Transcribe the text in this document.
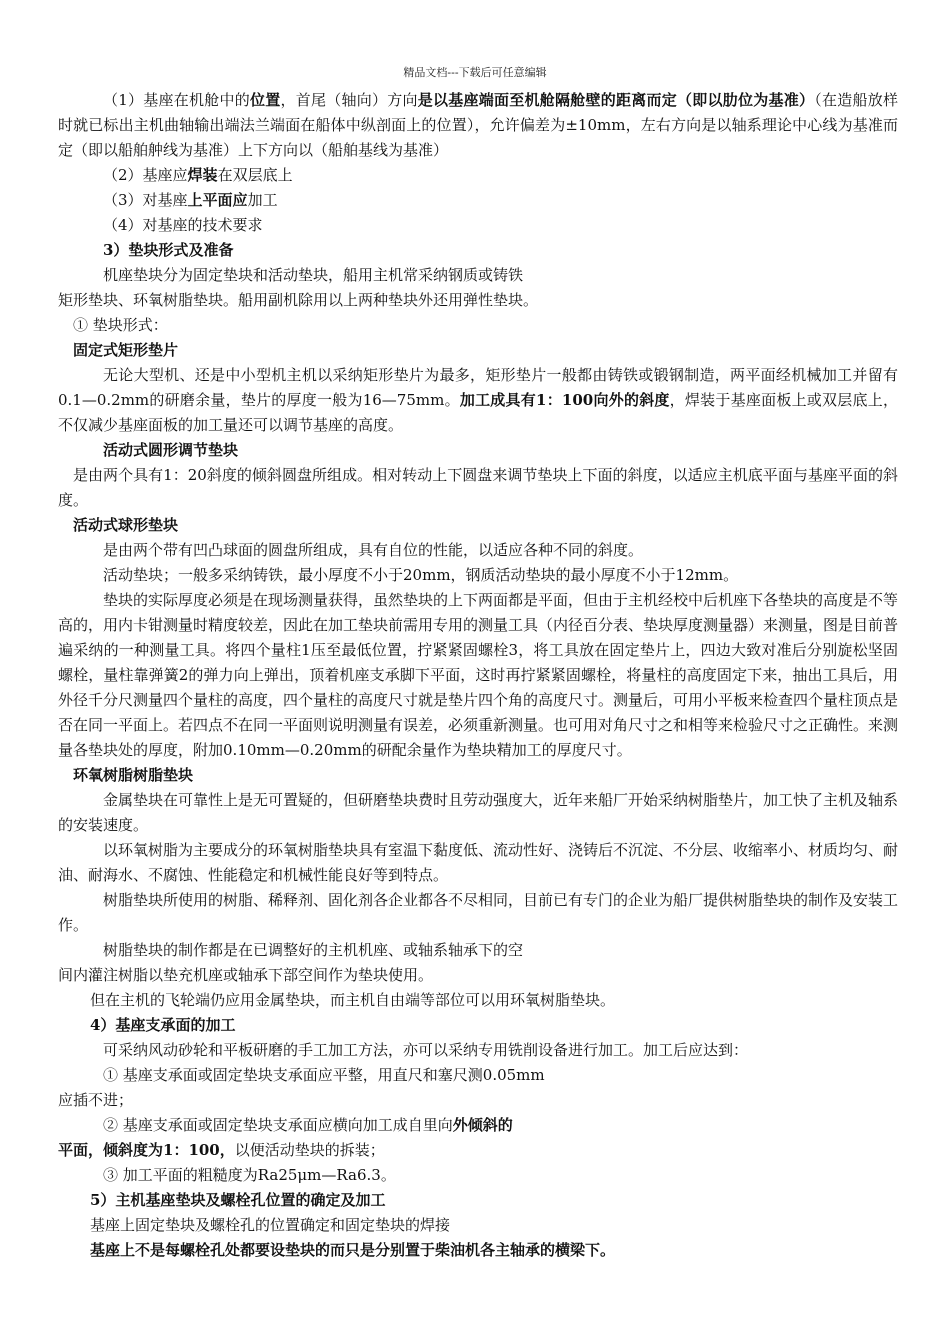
精品文档---下载后可任意编辑

（1）基座在机舱中的位置，首尾（轴向）方向是以基座端面至机舱隔舱壁的距离而定（即以肋位为基准）（在造船放样时就已标出主机曲轴输出端法兰端面在船体中纵剖面上的位置），允许偏差为±10mm，左右方向是以轴系理论中心线为基准而定（即以船舶舯线为基准）上下方向以（船舶基线为基准）

（2）基座应焊装在双层底上

（3）对基座上平面应加工

（4）对基座的技术要求

3）垫块形式及准备

机座垫块分为固定垫块和活动垫块，船用主机常采纳钢质或铸铁

矩形垫块、环氧树脂垫块。船用副机除用以上两种垫块外还用弹性垫块。

① 垫块形式：

固定式矩形垫片

无论大型机、还是中小型机主机以采纳矩形垫片为最多，矩形垫片一般都由铸铁或锻钢制造，两平面经机械加工并留有0.1—0.2mm的研磨余量，垫片的厚度一般为16—75mm。加工成具有1：100向外的斜度，焊装于基座面板上或双层底上，不仅减少基座面板的加工量还可以调节基座的高度。

活动式圆形调节垫块

是由两个具有1：20斜度的倾斜圆盘所组成。相对转动上下圆盘来调节垫块上下面的斜度，以适应主机底平面与基座平面的斜度。

活动式球形垫块

是由两个带有凹凸球面的圆盘所组成，具有自位的性能，以适应各种不同的斜度。

活动垫块；一般多采纳铸铁，最小厚度不小于20mm，钢质活动垫块的最小厚度不小于12mm。

垫块的实际厚度必须是在现场测量获得，虽然垫块的上下两面都是平面，但由于主机经校中后机座下各垫块的高度是不等高的，用内卡钳测量时精度较差，因此在加工垫块前需用专用的测量工具（内径百分表、垫块厚度测量器）来测量，图是目前普遍采纳的一种测量工具。将四个量柱1压至最低位置，拧紧紧固螺栓3，将工具放在固定垫片上，四边大致对准后分别旋松坚固螺栓，量柱靠弹簧2的弹力向上弹出，顶着机座支承脚下平面，这时再拧紧紧固螺栓，将量柱的高度固定下来，抽出工具后，用外径千分尺测量四个量柱的高度，四个量柱的高度尺寸就是垫片四个角的高度尺寸。测量后，可用小平板来检查四个量柱顶点是否在同一平面上。若四点不在同一平面则说明测量有误差，必须重新测量。也可用对角尺寸之和相等来检验尺寸之正确性。来测量各垫块处的厚度，附加0.10mm—0.20mm的研配余量作为垫块精加工的厚度尺寸。

环氧树脂树脂垫块

金属垫块在可靠性上是无可置疑的，但研磨垫块费时且劳动强度大，近年来船厂开始采纳树脂垫片，加工快了主机及轴系的安装速度。

以环氧树脂为主要成分的环氧树脂垫块具有室温下黏度低、流动性好、浇铸后不沉淀、不分层、收缩率小、材质均匀、耐油、耐海水、不腐蚀、性能稳定和机械性能良好等到特点。

树脂垫块所使用的树脂、稀释剂、固化剂各企业都各不尽相同，目前已有专门的企业为船厂提供树脂垫块的制作及安装工作。

树脂垫块的制作都是在已调整好的主机机座、或轴系轴承下的空

间内灌注树脂以垫充机座或轴承下部空间作为垫块使用。

但在主机的飞轮端仍应用金属垫块，而主机自由端等部位可以用环氧树脂垫块。

4）基座支承面的加工

可采纳风动砂轮和平板研磨的手工加工方法，亦可以采纳专用铣削设备进行加工。加工后应达到：

① 基座支承面或固定垫块支承面应平整，用直尺和塞尺测0.05mm

应插不进；

② 基座支承面或固定垫块支承面应横向加工成自里向外倾斜的

平面，倾斜度为1：100，以便活动垫块的拆装；

③ 加工平面的粗糙度为Ra25μm—Ra6.3。

5）主机基座垫块及螺栓孔位置的确定及加工

基座上固定垫块及螺栓孔的位置确定和固定垫块的焊接

基座上不是每螺栓孔处都要设垫块的而只是分别置于柴油机各主轴承的横梁下。
